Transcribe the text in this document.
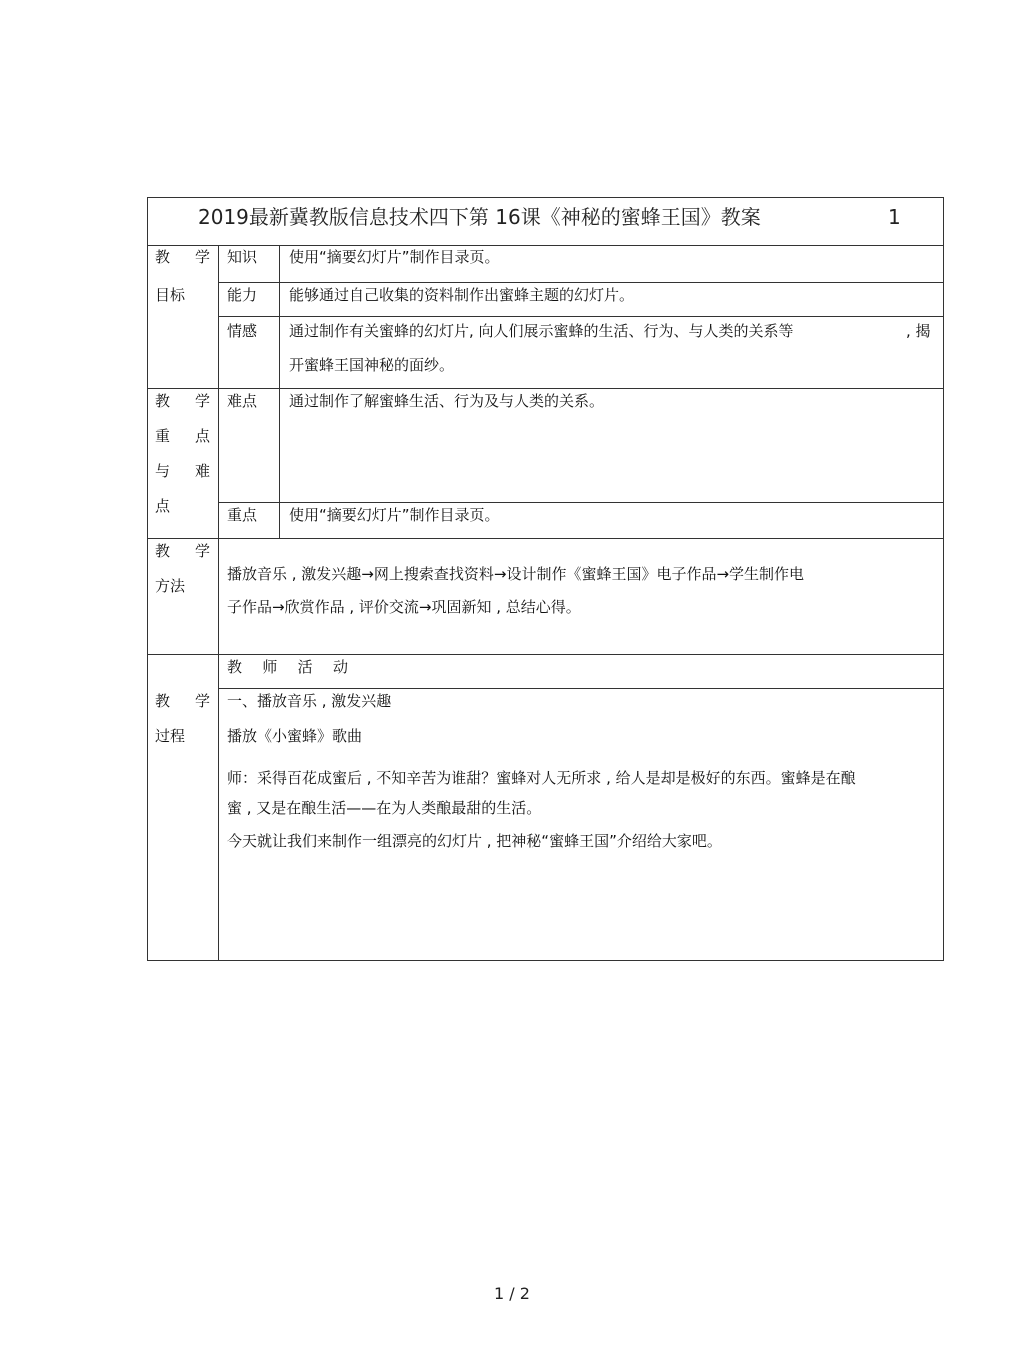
2019最新冀教版信息技术四下第 16课《神秘的蜜蜂王国》教案	1
教 学
目标
知识 使用“摘要幻灯片”制作目录页。
能力 能够通过自己收集的资料制作出蜜蜂主题的幻灯片。
情感 通过制作有关蜜蜂的幻灯片, 向人们展示蜜蜂的生活、行为、与人类的关系等	, 揭
开蜜蜂王国神秘的面纱。
教 学
重 点
与 难
点
难点 通过制作了解蜜蜂生活、行为及与人类的关系。
重点 使用“摘要幻灯片”制作目录页。
教 学
方法
播放音乐 , 激发兴趣→网上搜索查找资料→设计制作《蜜蜂王国》电子作品→学生制作电
子作品→欣赏作品 , 评价交流→巩固新知 , 总结心得。
教 师 活 动
教 学
过程
一、播放音乐 , 激发兴趣
播放《小蜜蜂》歌曲
师：采得百花成蜜后 , 不知辛苦为谁甜？蜜蜂对人无所求 , 给人是却是极好的东西。蜜蜂是在酿
蜜 , 又是在酿生活——在为人类酿最甜的生活。
今天就让我们来制作一组漂亮的幻灯片 , 把神秘“蜜蜂王国”介绍给大家吧。
1 / 2
